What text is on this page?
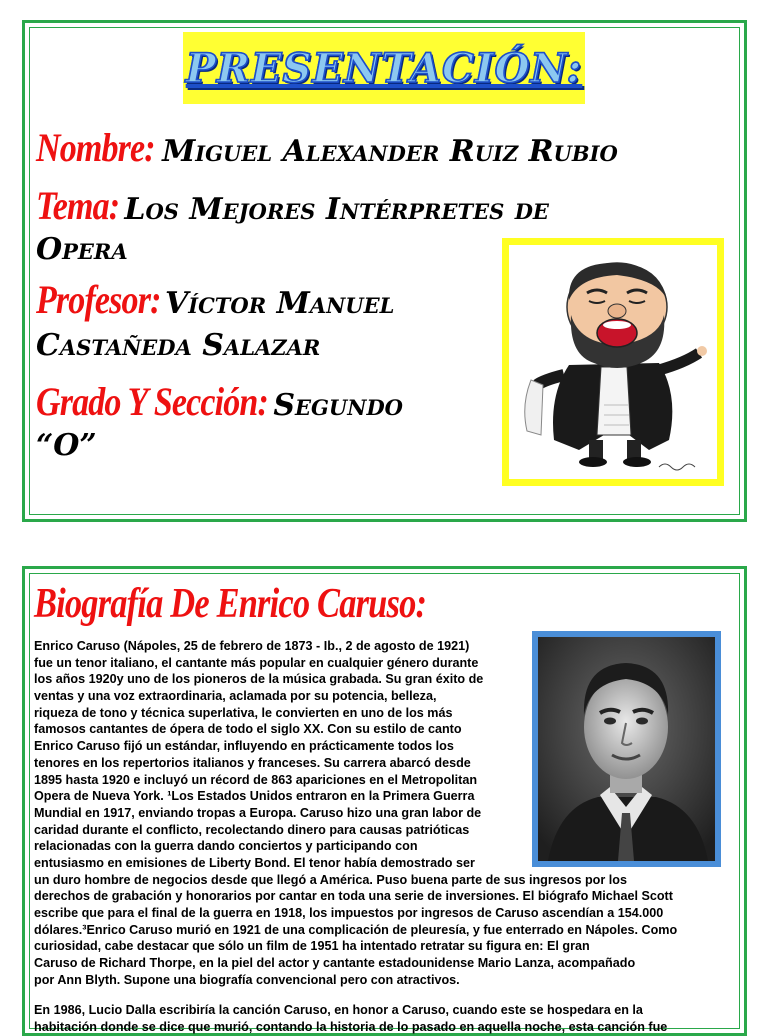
PRESENTACIÓN:
Nombre: Miguel Alexander Ruiz Rubio
Tema: Los Mejores Intérpretes de
Opera
Profesor: Víctor Manuel
Castañeda Salazar
Grado Y Sección: Segundo
“O”
Biografía De Enrico Caruso:
Enrico Caruso (Nápoles, 25 de febrero de 1873 - Ib., 2 de agosto de 1921)
fue un tenor italiano, el cantante más popular en cualquier género durante
los años 1920y uno de los pioneros de la música grabada. Su gran éxito de
ventas y una voz extraordinaria, aclamada por su potencia, belleza,
riqueza de tono y técnica superlativa, le convierten en uno de los más
famosos cantantes de ópera de todo el siglo XX. Con su estilo de canto
Enrico Caruso fijó un estándar, influyendo en prácticamente todos los
tenores en los repertorios italianos y franceses. Su carrera abarcó desde
1895 hasta 1920 e incluyó un récord de 863 apariciones en el Metropolitan
Opera de Nueva York. ¹Los Estados Unidos entraron en la Primera Guerra
Mundial en 1917, enviando tropas a Europa. Caruso hizo una gran labor de
caridad durante el conflicto, recolectando dinero para causas patrióticas
relacionadas con la guerra dando conciertos y participando con
entusiasmo en emisiones de Liberty Bond. El tenor había demostrado ser
un duro hombre de negocios desde que llegó a América. Puso buena parte de sus ingresos por los
derechos de grabación y honorarios por cantar en toda una serie de inversiones. El biógrafo Michael Scott
escribe que para el final de la guerra en 1918, los impuestos por ingresos de Caruso ascendían a 154.000
dólares.³Enrico Caruso murió en 1921 de una complicación de pleuresía, y fue enterrado en Nápoles. Como
curiosidad, cabe destacar que sólo un film de 1951 ha intentado retratar su figura en: El gran
Caruso de Richard Thorpe, en la piel del actor y cantante estadounidense Mario Lanza, acompañado
por Ann Blyth. Supone una biografía convencional pero con atractivos.
En 1986, Lucio Dalla escribiría la canción Caruso, en honor a Caruso, cuando este se hospedara en la
habitación donde se dice que murió, contando la historia de lo pasado en aquella noche, esta canción fue
